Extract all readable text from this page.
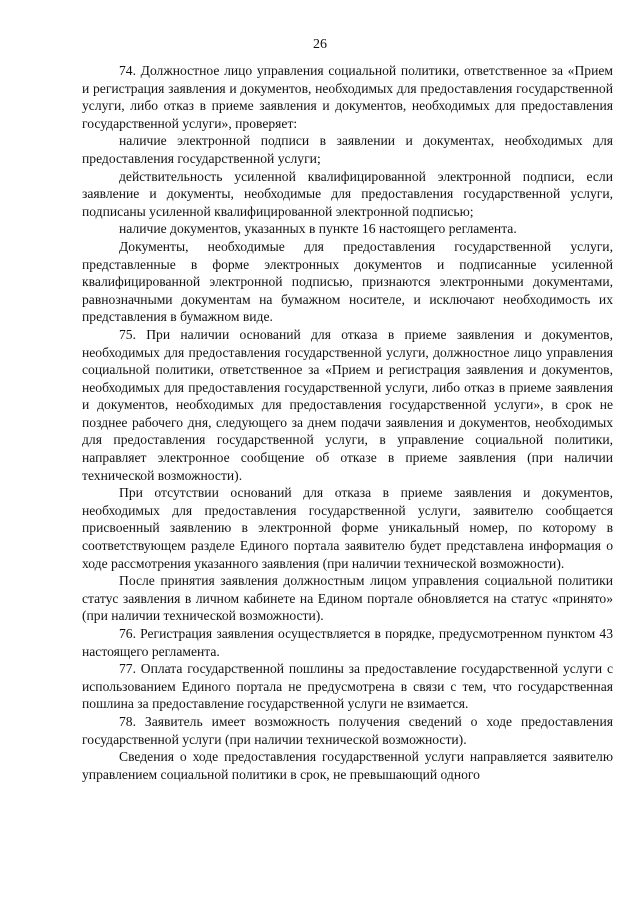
26

74. Должностное лицо управления социальной политики, ответственное за «Прием и регистрация заявления и документов, необходимых для предоставления государственной услуги, либо отказ в приеме заявления и документов, необходимых для предоставления государственной услуги», проверяет:

наличие электронной подписи в заявлении и документах, необходимых для предоставления государственной услуги;

действительность усиленной квалифицированной электронной подписи, если заявление и документы, необходимые для предоставления государственной услуги, подписаны усиленной квалифицированной электронной подписью;

наличие документов, указанных в пункте 16 настоящего регламента.

Документы, необходимые для предоставления государственной услуги, представленные в форме электронных документов и подписанные усиленной квалифицированной электронной подписью, признаются электронными документами, равнозначными документам на бумажном носителе, и исключают необходимость их представления в бумажном виде.

75. При наличии оснований для отказа в приеме заявления и документов, необходимых для предоставления государственной услуги, должностное лицо управления социальной политики, ответственное за «Прием и регистрация заявления и документов, необходимых для предоставления государственной услуги, либо отказ в приеме заявления и документов, необходимых для предоставления государственной услуги», в срок не позднее рабочего дня, следующего за днем подачи заявления и документов, необходимых для предоставления государственной услуги, в управление социальной политики, направляет электронное сообщение об отказе в приеме заявления (при наличии технической возможности).

При отсутствии оснований для отказа в приеме заявления и документов, необходимых для предоставления государственной услуги, заявителю сообщается присвоенный заявлению в электронной форме уникальный номер, по которому в соответствующем разделе Единого портала заявителю будет представлена информация о ходе рассмотрения указанного заявления (при наличии технической возможности).

После принятия заявления должностным лицом управления социальной политики статус заявления в личном кабинете на Едином портале обновляется на статус «принято» (при наличии технической возможности).

76. Регистрация заявления осуществляется в порядке, предусмотренном пунктом 43 настоящего регламента.

77. Оплата государственной пошлины за предоставление государственной услуги с использованием Единого портала не предусмотрена в связи с тем, что государственная пошлина за предоставление государственной услуги не взимается.

78. Заявитель имеет возможность получения сведений о ходе предоставления государственной услуги (при наличии технической возможности).

Сведения о ходе предоставления государственной услуги направляется заявителю управлением социальной политики в срок, не превышающий одного
